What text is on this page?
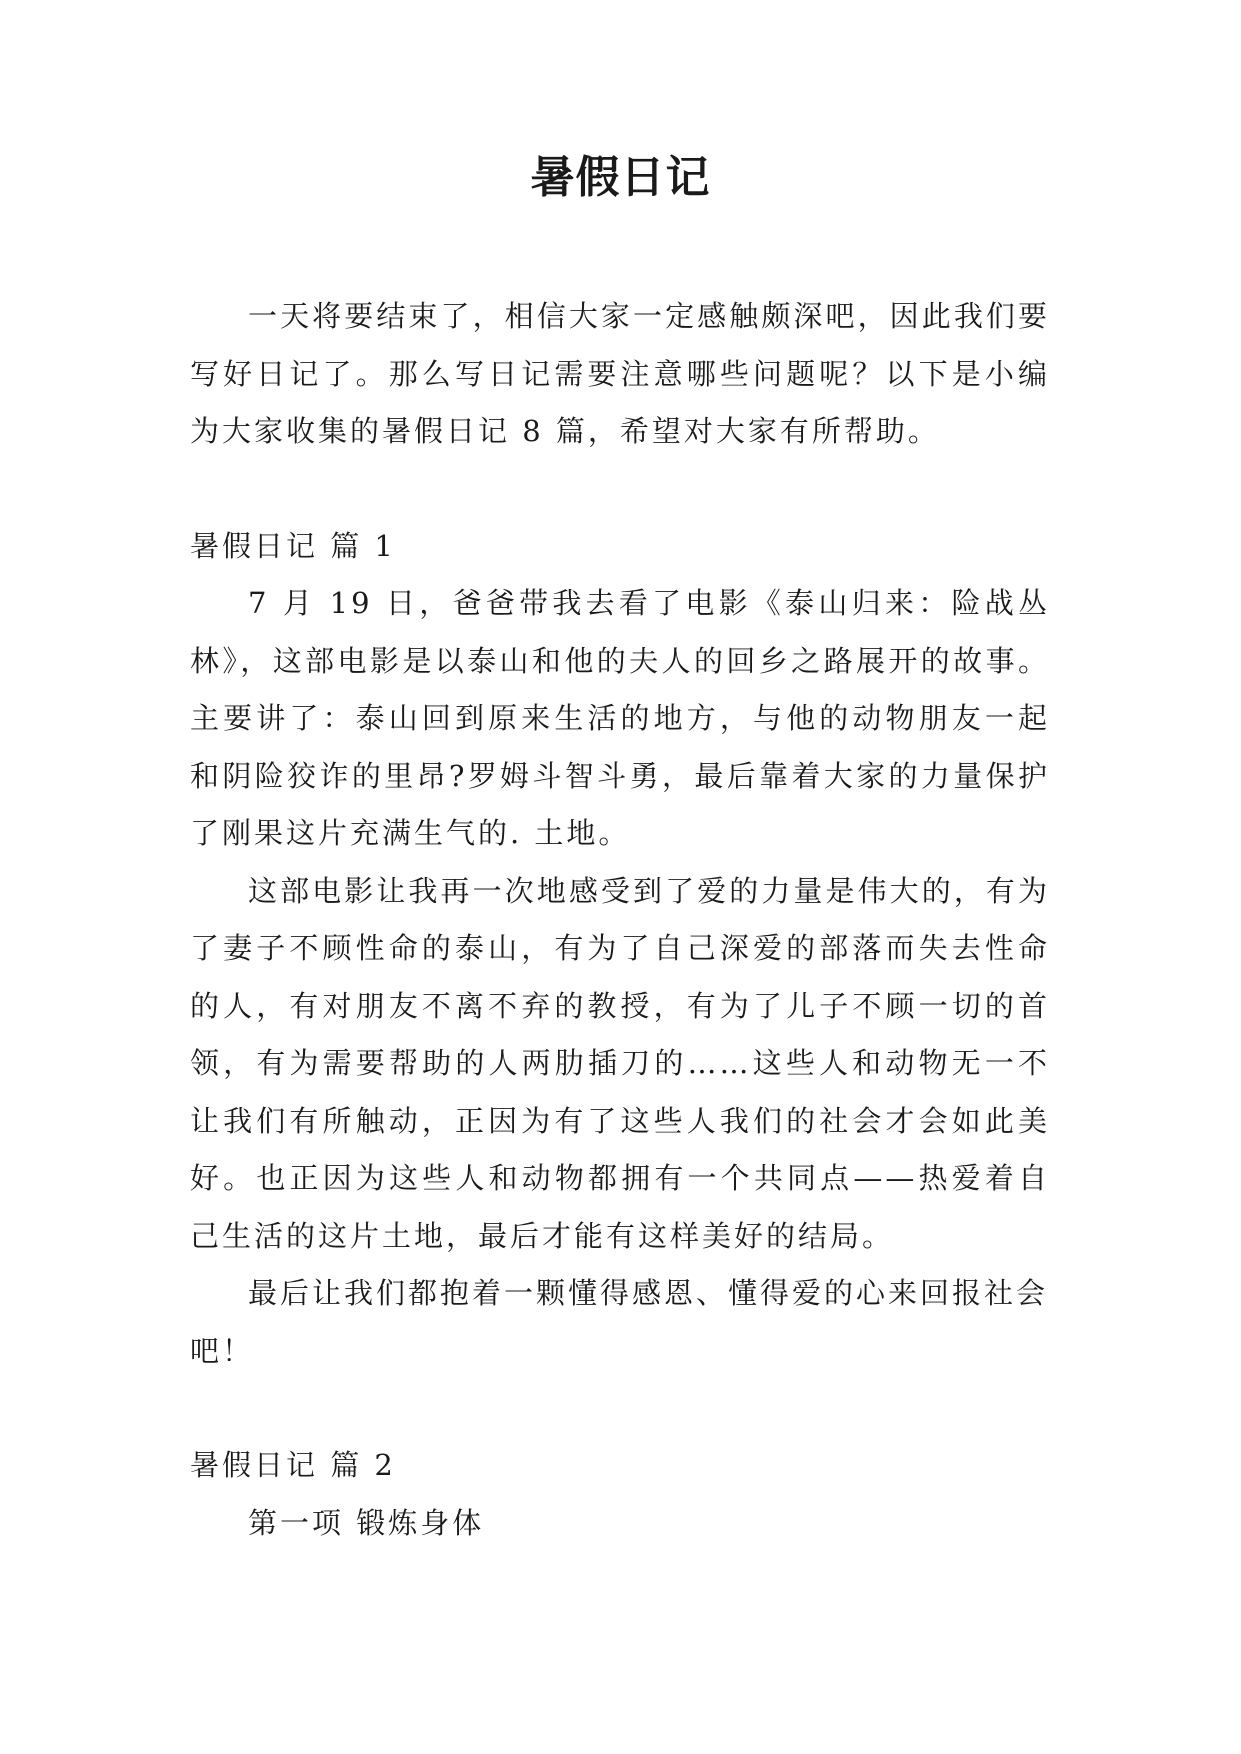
暑假日记

一天将要结束了，相信大家一定感触颇深吧，因此我们要写好日记了。那么写日记需要注意哪些问题呢？以下是小编为大家收集的暑假日记 8 篇，希望对大家有所帮助。

暑假日记 篇 1

7 月 19 日，爸爸带我去看了电影《泰山归来：险战丛林》，这部电影是以泰山和他的夫人的回乡之路展开的故事。主要讲了：泰山回到原来生活的地方，与他的动物朋友一起和阴险狡诈的里昂?罗姆斗智斗勇，最后靠着大家的力量保护了刚果这片充满生气的. 土地。

这部电影让我再一次地感受到了爱的力量是伟大的，有为了妻子不顾性命的泰山，有为了自己深爱的部落而失去性命的人，有对朋友不离不弃的教授，有为了儿子不顾一切的首领，有为需要帮助的人两肋插刀的……这些人和动物无一不让我们有所触动，正因为有了这些人我们的社会才会如此美好。也正因为这些人和动物都拥有一个共同点——热爱着自己生活的这片土地，最后才能有这样美好的结局。

最后让我们都抱着一颗懂得感恩、懂得爱的心来回报社会吧！

暑假日记 篇 2

第一项 锻炼身体
